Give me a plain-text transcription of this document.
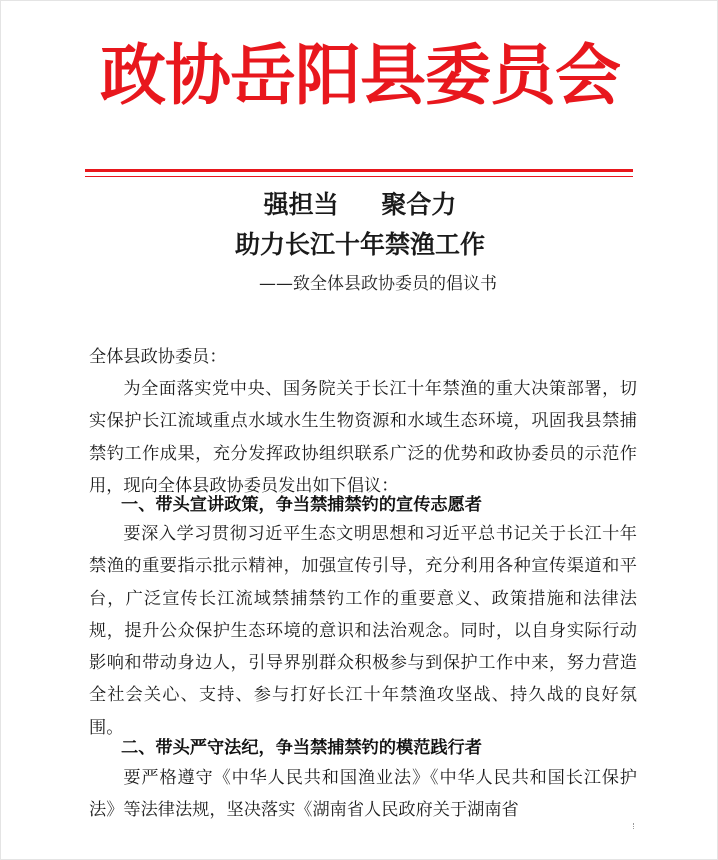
政协岳阳县委员会
强担当 聚合力
助力长江十年禁渔工作
——致全体县政协委员的倡议书
全体县政协委员：
为全面落实党中央、国务院关于长江十年禁渔的重大决策部署，切实保护长江流域重点水域水生生物资源和水域生态环境，巩固我县禁捕禁钓工作成果，充分发挥政协组织联系广泛的优势和政协委员的示范作用，现向全体县政协委员发出如下倡议：
一、带头宣讲政策，争当禁捕禁钓的宣传志愿者
要深入学习贯彻习近平生态文明思想和习近平总书记关于长江十年禁渔的重要指示批示精神，加强宣传引导，充分利用各种宣传渠道和平台，广泛宣传长江流域禁捕禁钓工作的重要意义、政策措施和法律法规，提升公众保护生态环境的意识和法治观念。同时，以自身实际行动影响和带动身边人，引导界别群众积极参与到保护工作中来，努力营造全社会关心、支持、参与打好长江十年禁渔攻坚战、持久战的良好氛围。
二、带头严守法纪，争当禁捕禁钓的模范践行者
要严格遵守《中华人民共和国渔业法》《中华人民共和国长江保护法》等法律法规，坚决落实《湖南省人民政府关于湖南省
